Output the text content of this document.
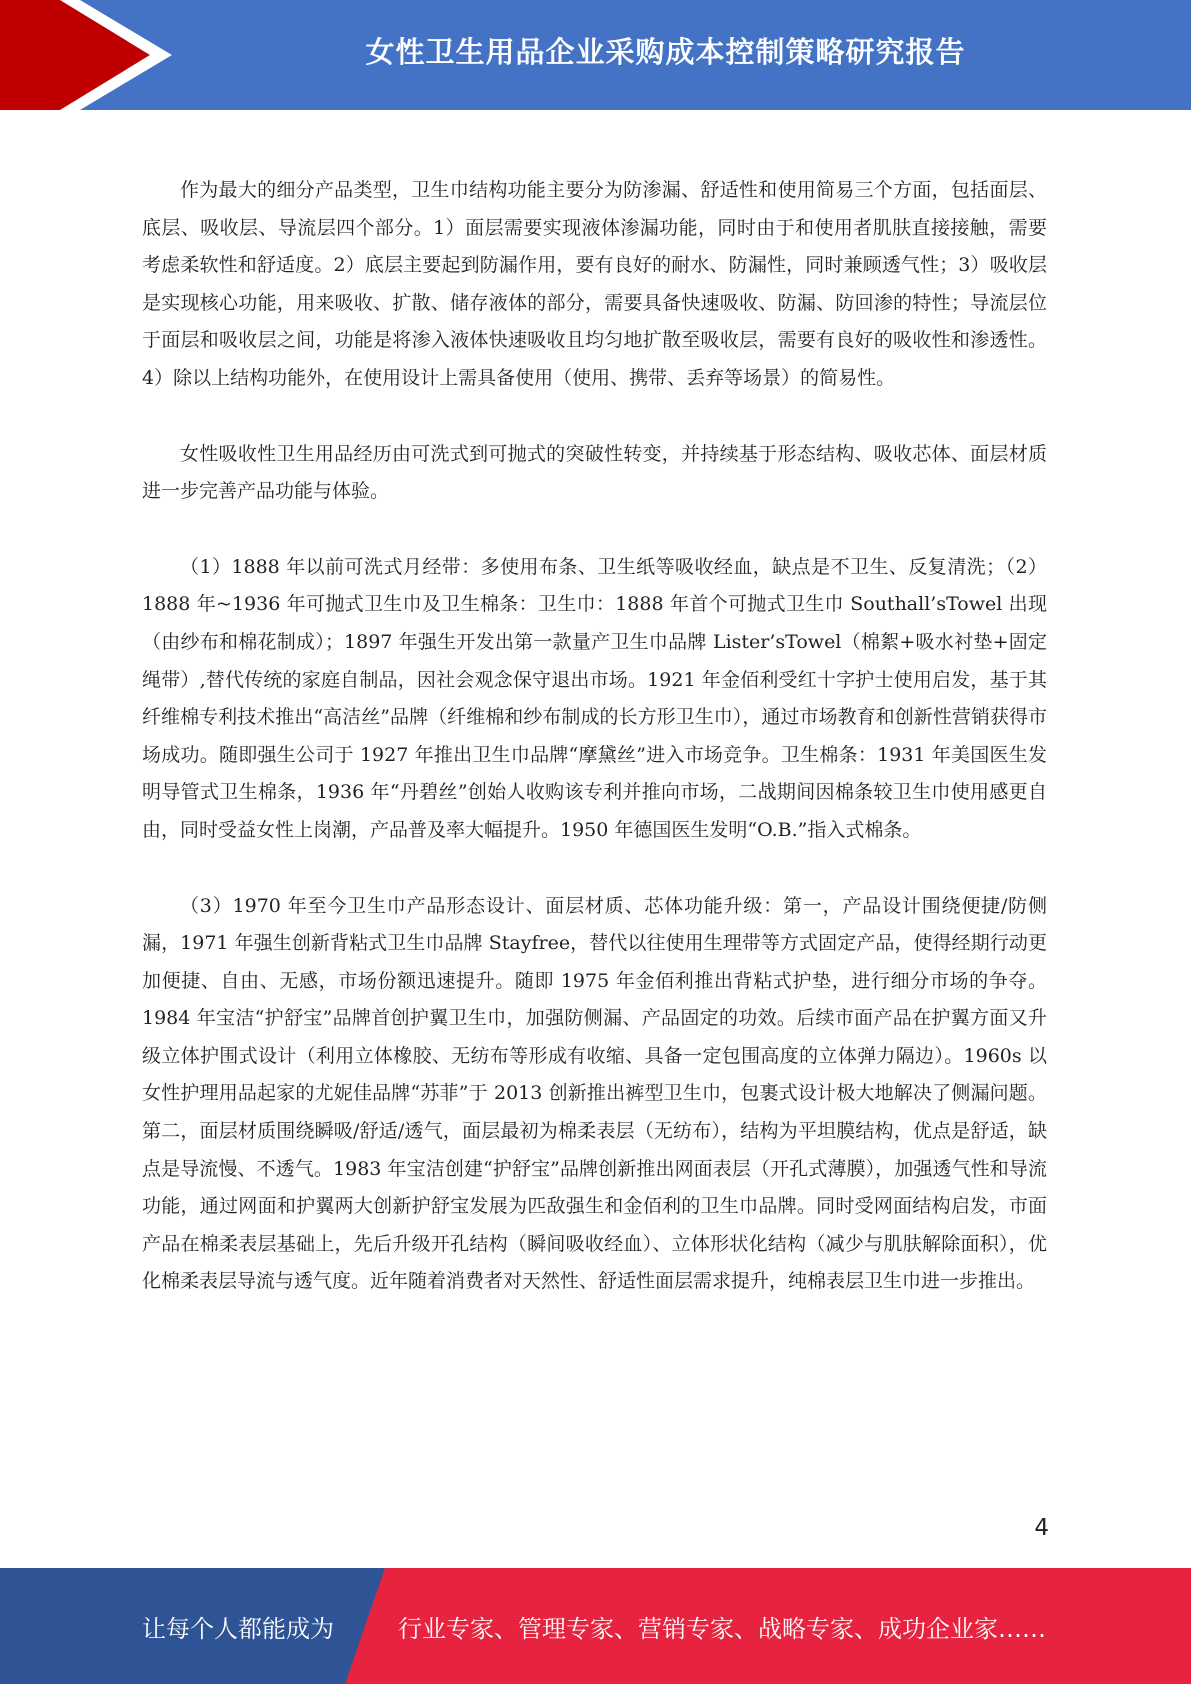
女性卫生用品企业采购成本控制策略研究报告

作为最大的细分产品类型，卫生巾结构功能主要分为防渗漏、舒适性和使用简易三个方面，包括面层、底层、吸收层、导流层四个部分。1）面层需要实现液体渗漏功能，同时由于和使用者肌肤直接接触，需要考虑柔软性和舒适度。2）底层主要起到防漏作用，要有良好的耐水、防漏性，同时兼顾透气性；3）吸收层是实现核心功能，用来吸收、扩散、储存液体的部分，需要具备快速吸收、防漏、防回渗的特性；导流层位于面层和吸收层之间，功能是将渗入液体快速吸收且均匀地扩散至吸收层，需要有良好的吸收性和渗透性。4）除以上结构功能外，在使用设计上需具备使用（使用、携带、丢弃等场景）的简易性。

女性吸收性卫生用品经历由可洗式到可抛式的突破性转变，并持续基于形态结构、吸收芯体、面层材质进一步完善产品功能与体验。

（1）1888 年以前可洗式月经带：多使用布条、卫生纸等吸收经血，缺点是不卫生、反复清洗；（2）1888 年~1936 年可抛式卫生巾及卫生棉条：卫生巾：1888 年首个可抛式卫生巾 Southall’sTowel 出现（由纱布和棉花制成）；1897 年强生开发出第一款量产卫生巾品牌 Lister’sTowel（棉絮+吸水衬垫+固定绳带）,替代传统的家庭自制品，因社会观念保守退出市场。1921 年金佰利受红十字护士使用启发，基于其纤维棉专利技术推出“高洁丝”品牌（纤维棉和纱布制成的长方形卫生巾），通过市场教育和创新性营销获得市场成功。随即强生公司于 1927 年推出卫生巾品牌“摩黛丝”进入市场竞争。卫生棉条：1931 年美国医生发明导管式卫生棉条，1936 年“丹碧丝”创始人收购该专利并推向市场，二战期间因棉条较卫生巾使用感更自由，同时受益女性上岗潮，产品普及率大幅提升。1950 年德国医生发明“O.B.”指入式棉条。

（3）1970 年至今卫生巾产品形态设计、面层材质、芯体功能升级：第一，产品设计围绕便捷/防侧漏，1971 年强生创新背粘式卫生巾品牌 Stayfree，替代以往使用生理带等方式固定产品，使得经期行动更加便捷、自由、无感，市场份额迅速提升。随即 1975 年金佰利推出背粘式护垫，进行细分市场的争夺。1984 年宝洁“护舒宝”品牌首创护翼卫生巾，加强防侧漏、产品固定的功效。后续市面产品在护翼方面又升级立体护围式设计（利用立体橡胶、无纺布等形成有收缩、具备一定包围高度的立体弹力隔边）。1960s 以女性护理用品起家的尤妮佳品牌“苏菲”于 2013 创新推出裤型卫生巾，包裹式设计极大地解决了侧漏问题。第二，面层材质围绕瞬吸/舒适/透气，面层最初为棉柔表层（无纺布），结构为平坦膜结构，优点是舒适，缺点是导流慢、不透气。1983 年宝洁创建“护舒宝”品牌创新推出网面表层（开孔式薄膜），加强透气性和导流功能，通过网面和护翼两大创新护舒宝发展为匹敌强生和金佰利的卫生巾品牌。同时受网面结构启发，市面产品在棉柔表层基础上，先后升级开孔结构（瞬间吸收经血）、立体形状化结构（减少与肌肤解除面积），优化棉柔表层导流与透气度。近年随着消费者对天然性、舒适性面层需求提升，纯棉表层卫生巾进一步推出。

4
让每个人都能成为	行业专家、管理专家、营销专家、战略专家、成功企业家……
